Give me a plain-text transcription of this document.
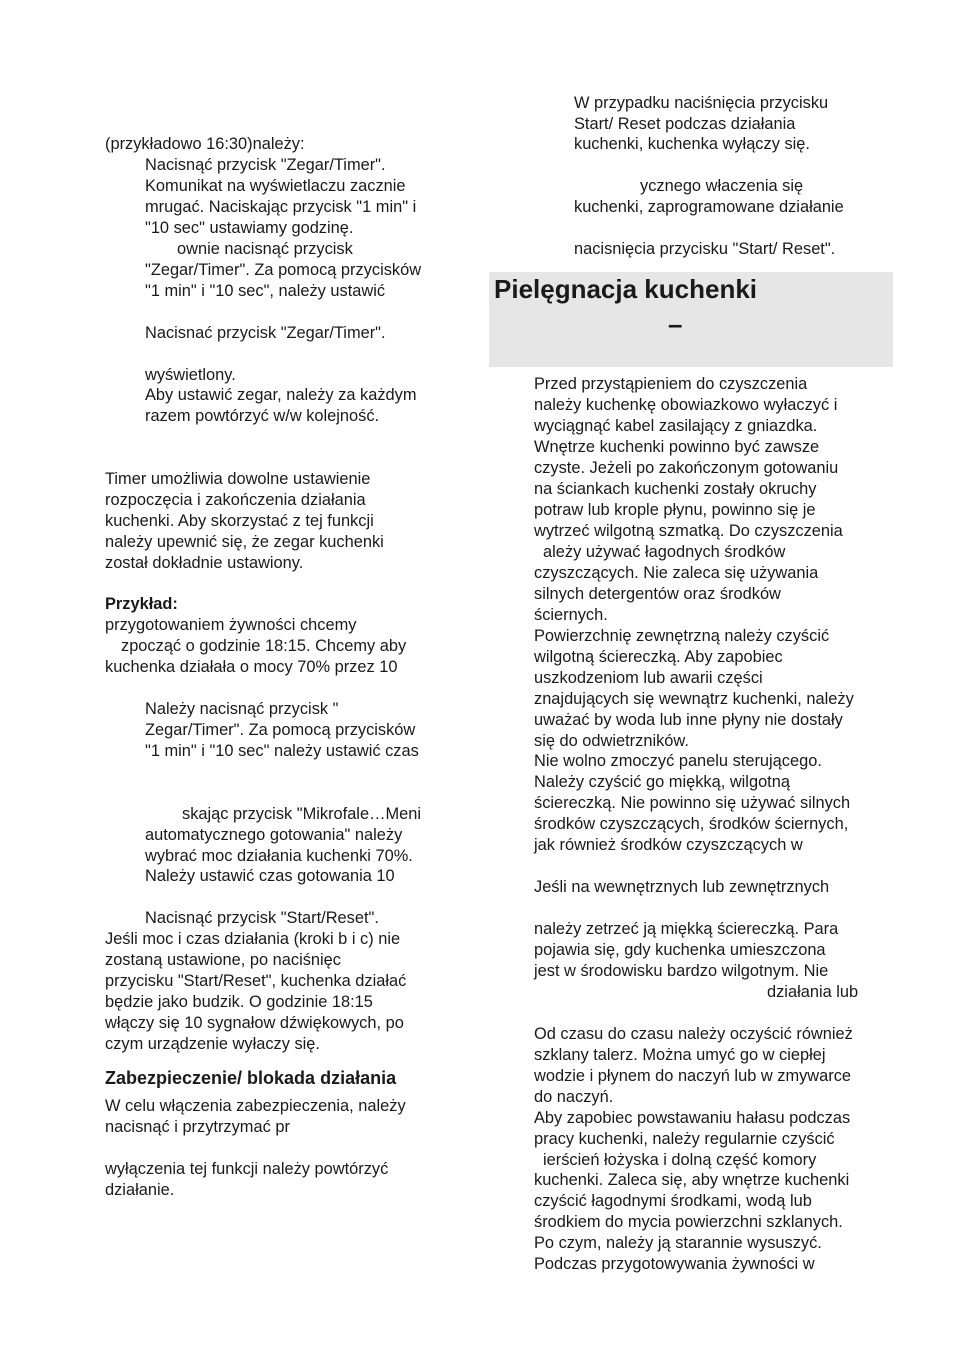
(przykładowo 16:30)należy:
Nacisnąć przycisk "Zegar/Timer".
Komunikat na wyświetlaczu zacznie
mrugać. Naciskając przycisk "1 min" i
"10 sec" ustawiamy godzinę.
ownie nacisnąć przycisk
"Zegar/Timer". Za pomocą przycisków
"1 min" i "10 sec", należy ustawić
Nacisnać przycisk "Zegar/Timer".
wyświetlony.
Aby ustawić zegar, należy za każdym
razem powtórzyć w/w kolejność.
Timer umożliwia dowolne ustawienie
rozpoczęcia i zakończenia działania
kuchenki. Aby skorzystać z tej funkcji
należy upewnić się, że zegar kuchenki
został dokładnie ustawiony.
Przykład:
przygotowaniem żywności chcemy
zpocząć o godzinie 18:15. Chcemy aby
kuchenka działała o mocy 70% przez 10
Należy nacisnąć przycisk "
Zegar/Timer". Za pomocą przycisków
"1 min" i "10 sec" należy ustawić czas
skając przycisk "Mikrofale…Meni
automatycznego gotowania" należy
wybrać moc działania kuchenki 70%.
Należy ustawić czas gotowania 10
Nacisnąć przycisk "Start/Reset".
Jeśli moc i czas działania (kroki b i c) nie
zostaną ustawione, po naciśnięc
przycisku "Start/Reset", kuchenka działać
będzie jako budzik. O godzinie 18:15
włączy się 10 sygnałow dźwiękowych, po
czym urządzenie wyłaczy się.
Zabezpieczenie/ blokada działania
W celu włączenia zabezpieczenia, należy
nacisnąć i przytrzymać pr
wyłączenia tej funkcji należy powtórzyć
działanie.
W przypadku naciśnięcia przycisku
Start/ Reset podczas działania
kuchenki, kuchenka wyłączy się.
ycznego właczenia się
kuchenki, zaprogramowane działanie
nacisnięcia przycisku "Start/ Reset".
Pielęgnacja kuchenki
–
Przed przystąpieniem do czyszczenia
należy kuchenkę obowiazkowo wyłaczyć i
wyciągnąć kabel zasilający z gniazdka.
Wnętrze kuchenki powinno być zawsze
czyste. Jeżeli po zakończonym gotowaniu
na ściankach kuchenki zostały okruchy
potraw lub krople płynu, powinno się je
wytrzeć wilgotną szmatką. Do czyszczenia
ależy używać łagodnych środków
czyszczących. Nie zaleca się używania
silnych detergentów oraz środków
ściernych.
Powierzchnię zewnętrzną należy czyścić
wilgotną ściereczką. Aby zapobiec
uszkodzeniom lub awarii części
znajdujących się wewnątrz kuchenki, należy
uważać by woda lub inne płyny nie dostały
się do odwietrzników.
Nie wolno zmoczyć panelu sterującego.
Należy czyścić go miękką, wilgotną
ściereczką. Nie powinno się używać silnych
środków czyszczących, środków ściernych,
jak również środków czyszczących w
Jeśli na wewnętrznych lub zewnętrznych
należy zetrzeć ją miękką ściereczką. Para
pojawia się, gdy kuchenka umieszczona
jest w środowisku bardzo wilgotnym. Nie
działania lub
Od czasu do czasu należy oczyścić również
szklany talerz. Można umyć go w ciepłej
wodzie i płynem do naczyń lub w zmywarce
do naczyń.
Aby zapobiec powstawaniu hałasu podczas
pracy kuchenki, należy regularnie czyścić
ierścień łożyska i dolną część komory
kuchenki. Zaleca się, aby wnętrze kuchenki
czyścić łagodnymi środkami, wodą lub
środkiem do mycia powierzchni szklanych.
Po czym, należy ją starannie wysuszyć.
Podczas przygotowywania żywności w
